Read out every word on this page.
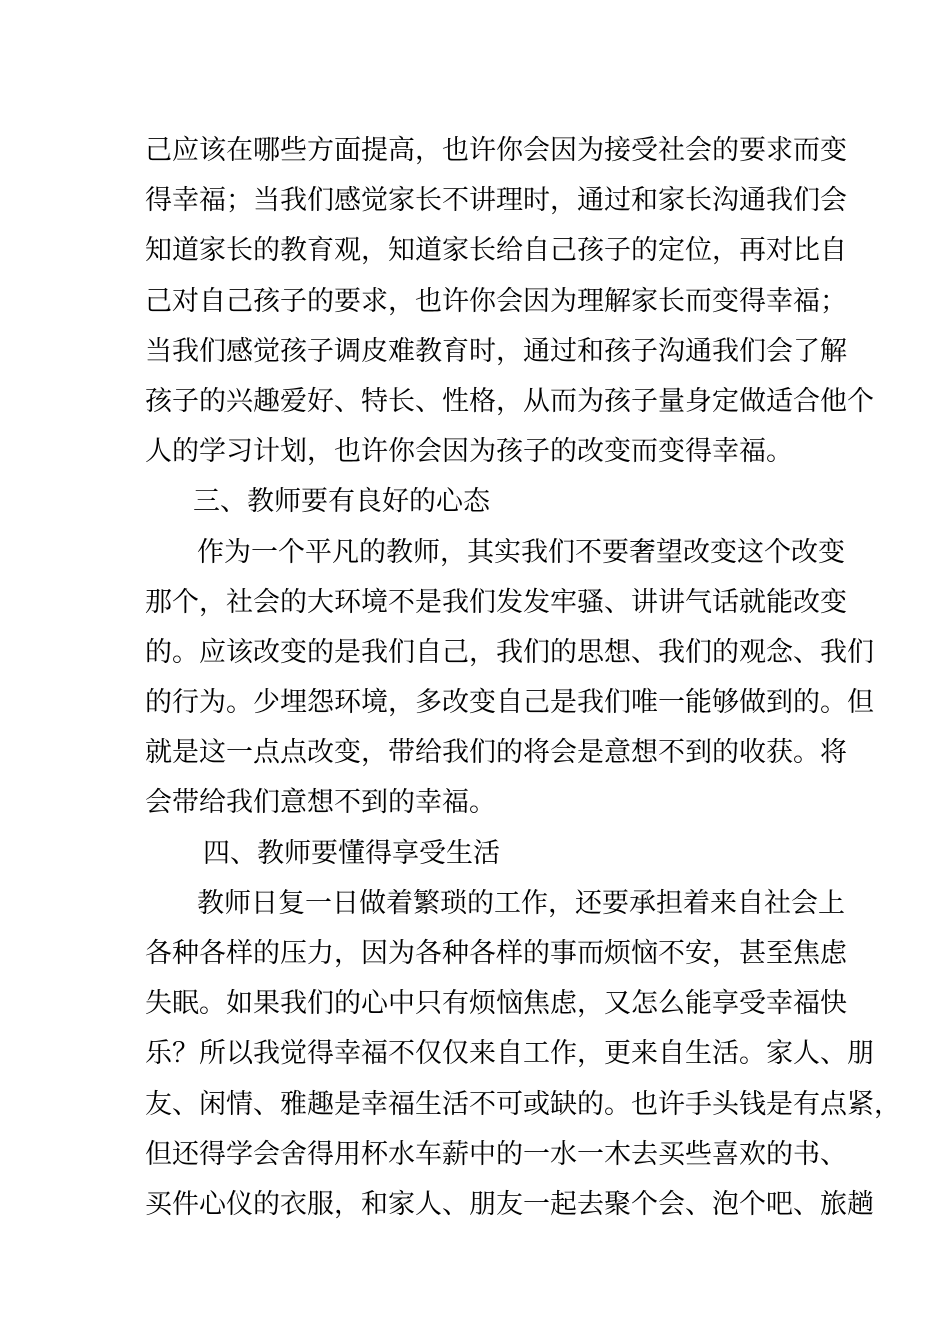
己应该在哪些方面提高，也许你会因为接受社会的要求而变
得幸福；当我们感觉家长不讲理时，通过和家长沟通我们会
知道家长的教育观，知道家长给自己孩子的定位，再对比自
己对自己孩子的要求，也许你会因为理解家长而变得幸福；
当我们感觉孩子调皮难教育时，通过和孩子沟通我们会了解
孩子的兴趣爱好、特长、性格，从而为孩子量身定做适合他个
人的学习计划，也许你会因为孩子的改变而变得幸福。
三、教师要有良好的心态
作为一个平凡的教师，其实我们不要奢望改变这个改变
那个，社会的大环境不是我们发发牢骚、讲讲气话就能改变
的。应该改变的是我们自己，我们的思想、我们的观念、我们
的行为。少埋怨环境，多改变自己是我们唯一能够做到的。但
就是这一点点改变，带给我们的将会是意想不到的收获。将
会带给我们意想不到的幸福。
四、教师要懂得享受生活
教师日复一日做着繁琐的工作，还要承担着来自社会上
各种各样的压力，因为各种各样的事而烦恼不安，甚至焦虑
失眠。如果我们的心中只有烦恼焦虑，又怎么能享受幸福快
乐？所以我觉得幸福不仅仅来自工作，更来自生活。家人、朋
友、闲情、雅趣是幸福生活不可或缺的。也许手头钱是有点紧，
但还得学会舍得用杯水车薪中的一水一木去买些喜欢的书、
买件心仪的衣服，和家人、朋友一起去聚个会、泡个吧、旅趟
